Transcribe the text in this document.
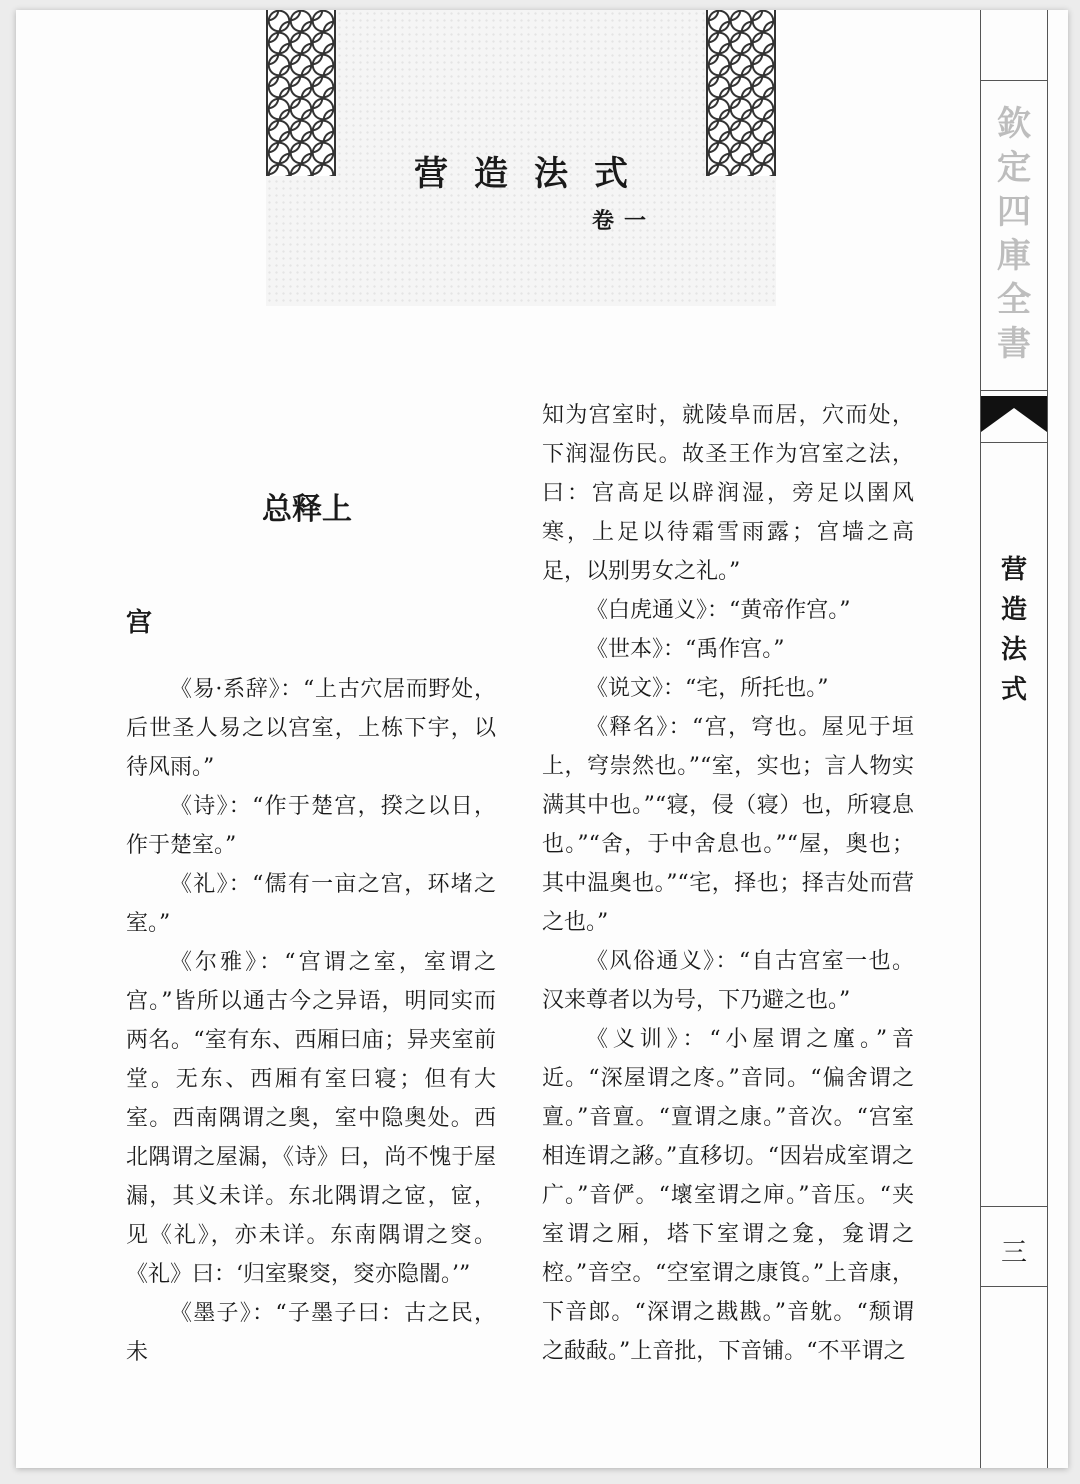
营造法式
卷一
总释上
宫

《易·系辞》：“上古穴居而野处，后世圣人易之以宫室，上栋下宇，以待风雨。”

《诗》：“作于楚宫，揆之以日，作于楚室。”

《礼》：“儒有一亩之宫，环堵之室。”

《尔雅》：“宫谓之室，室谓之宫。”皆所以通古今之异语，明同实而两名。“室有东、西厢曰庙；异夹室前堂。无东、西厢有室曰寝；但有大室。西南隅谓之奥，室中隐奥处。西北隅谓之屋漏，《诗》曰，尚不愧于屋漏，其义未详。东北隅谓之宧，宧，见《礼》，亦未详。东南隅谓之窔。《礼》曰：‘归室聚窔，窔亦隐闇。’”

《墨子》：“子墨子曰：古之民，未

知为宫室时，就陵阜而居，穴而处，下润湿伤民。故圣王作为宫室之法，曰：宫高足以辟润湿，旁足以圉风寒，上足以待霜雪雨露；宫墙之高足，以别男女之礼。”

《白虎通义》：“黄帝作宫。”

《世本》：“禹作宫。”

《说文》：“宅，所托也。”

《释名》：“宫，穹也。屋见于垣上，穹崇然也。”“室，实也；言人物实满其中也。”“寝，侵（寝）也，所寝息也。”“舍，于中舍息也。”“屋，奥也；其中温奥也。”“宅，择也；择吉处而营之也。”

《风俗通义》：“自古宫室一也。汉来尊者以为号，下乃避之也。”

《义训》：“小屋谓之廑。”音近。“深屋谓之庝。”音同。“偏舍谓之亶。”音亶。“亶谓之康。”音次。“宫室相连谓之謻。”直移切。“因岩成室谓之广。”音俨。“壞室谓之庘。”音压。“夹室谓之厢，塔下室谓之龛，龛谓之椌。”音空。“空室谓之康筤。”上音康，下音郎。“深谓之戡戡。”音躭。“颓谓之敮敮。”上音批，下音铺。“不平谓之

欽
定
四
庫
全
書
营
造
法
式
三
